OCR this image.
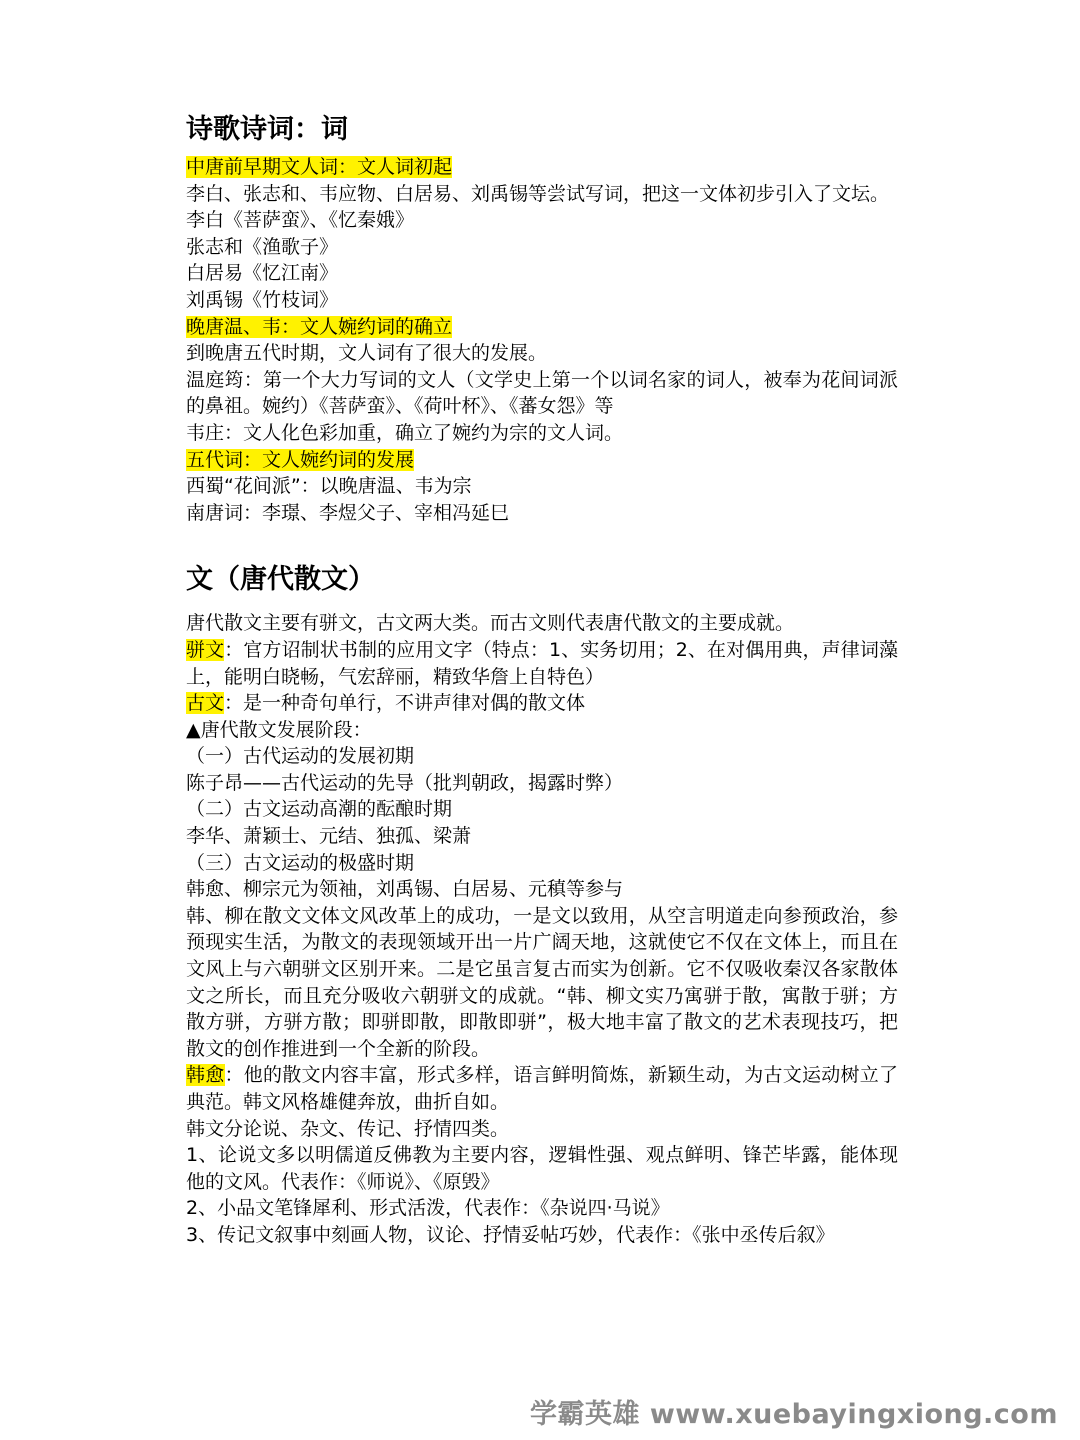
诗歌诗词：词

中唐前早期文人词：文人词初起

李白、张志和、韦应物、白居易、刘禹锡等尝试写词，把这一文体初步引入了文坛。

李白《菩萨蛮》、《忆秦娥》

张志和《渔歌子》

白居易《忆江南》

刘禹锡《竹枝词》

晚唐温、韦：文人婉约词的确立

到晚唐五代时期，文人词有了很大的发展。

温庭筠：第一个大力写词的文人（文学史上第一个以词名家的词人，被奉为花间词派的鼻祖。婉约）《菩萨蛮》、《荷叶杯》、《蕃女怨》等

韦庄：文人化色彩加重，确立了婉约为宗的文人词。

五代词：文人婉约词的发展

西蜀“花间派”：以晚唐温、韦为宗

南唐词：李璟、李煜父子、宰相冯延巳

文（唐代散文）

唐代散文主要有骈文，古文两大类。而古文则代表唐代散文的主要成就。

骈文：官方诏制状书制的应用文字（特点：1、实务切用；2、在对偶用典，声律词藻上，能明白晓畅，气宏辞丽，精致华詹上自特色）

古文：是一种奇句单行，不讲声律对偶的散文体

▲唐代散文发展阶段：

（一）古代运动的发展初期

陈子昂——古代运动的先导（批判朝政，揭露时弊）

（二）古文运动高潮的酝酿时期

李华、萧颖士、元结、独孤、梁萧

（三）古文运动的极盛时期

韩愈、柳宗元为领袖，刘禹锡、白居易、元稹等参与

韩、柳在散文文体文风改革上的成功，一是文以致用，从空言明道走向参预政治，参预现实生活，为散文的表现领域开出一片广阔天地，这就使它不仅在文体上，而且在文风上与六朝骈文区别开来。二是它虽言复古而实为创新。它不仅吸收秦汉各家散体文之所长，而且充分吸收六朝骈文的成就。“韩、柳文实乃寓骈于散，寓散于骈；方散方骈，方骈方散；即骈即散，即散即骈”，极大地丰富了散文的艺术表现技巧，把散文的创作推进到一个全新的阶段。

韩愈：他的散文内容丰富，形式多样，语言鲜明简炼，新颖生动，为古文运动树立了典范。韩文风格雄健奔放，曲折自如。

韩文分论说、杂文、传记、抒情四类。

1、论说文多以明儒道反佛教为主要内容，逻辑性强、观点鲜明、锋芒毕露，能体现他的文风。代表作：《师说》、《原毁》

2、小品文笔锋犀利、形式活泼，代表作：《杂说四·马说》

3、传记文叙事中刻画人物，议论、抒情妥帖巧妙，代表作：《张中丞传后叙》

学霸英雄 www.xuebayingxiong.com
